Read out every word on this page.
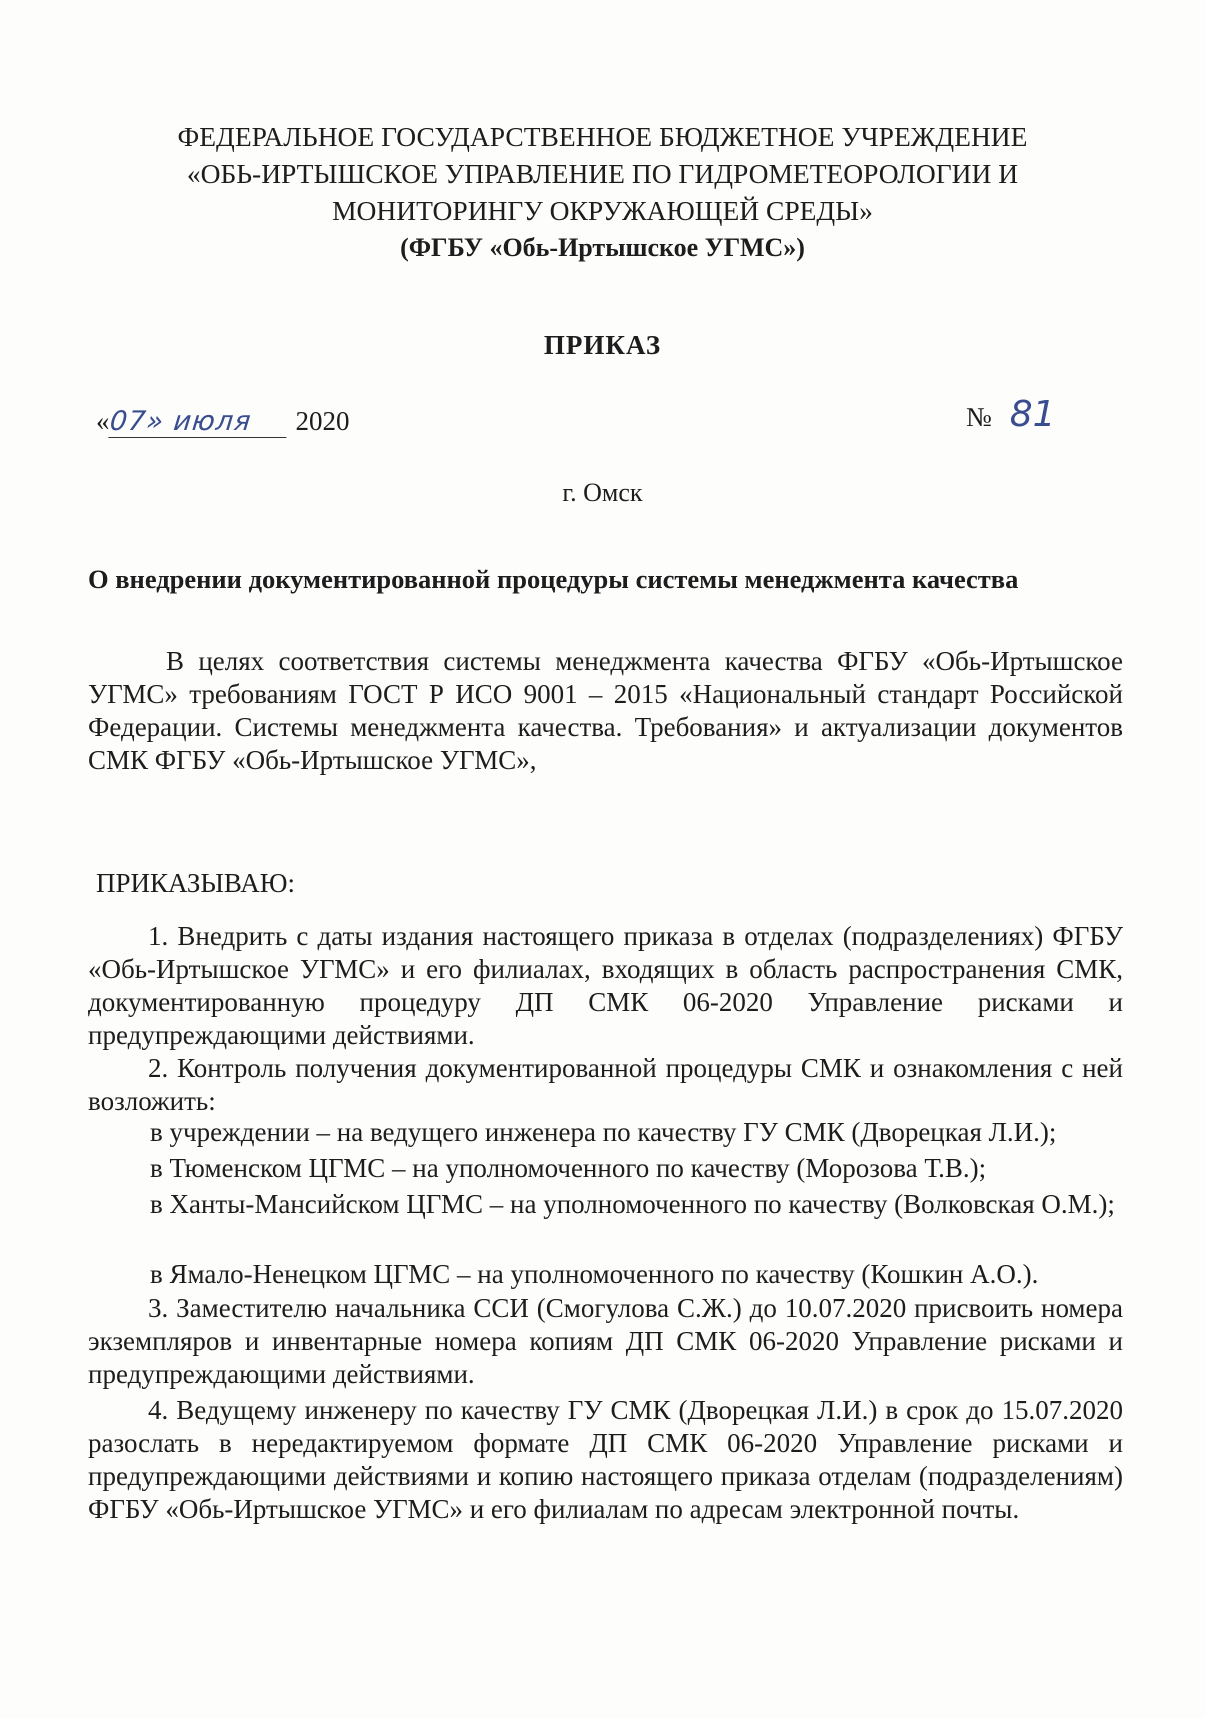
ФЕДЕРАЛЬНОЕ ГОСУДАРСТВЕННОЕ БЮДЖЕТНОЕ УЧРЕЖДЕНИЕ
«ОБЬ-ИРТЫШСКОЕ УПРАВЛЕНИЕ ПО ГИДРОМЕТЕОРОЛОГИИ И
МОНИТОРИНГУ ОКРУЖАЮЩЕЙ СРЕДЫ»
(ФГБУ «Обь-Иртышское УГМС»)
ПРИКАЗ
«07» июля 2020	№ 81
г. Омск
О внедрении документированной процедуры системы менеджмента качества
В целях соответствия системы менеджмента качества ФГБУ «Обь-Иртышское УГМС» требованиям ГОСТ Р ИСО 9001 – 2015 «Национальный стандарт Российской Федерации. Системы менеджмента качества. Требования» и актуализации документов СМК ФГБУ «Обь-Иртышское УГМС»,
ПРИКАЗЫВАЮ:
1. Внедрить с даты издания настоящего приказа в отделах (подразделениях) ФГБУ «Обь-Иртышское УГМС» и его филиалах, входящих в область распространения СМК, документированную процедуру ДП СМК 06-2020 Управление рисками и предупреждающими действиями.
2. Контроль получения документированной процедуры СМК и ознакомления с ней возложить:
в учреждении – на ведущего инженера по качеству ГУ СМК (Дворецкая Л.И.);
в Тюменском ЦГМС – на уполномоченного по качеству (Морозова Т.В.);
в Ханты-Мансийском ЦГМС – на уполномоченного по качеству (Волковская О.М.);
в Ямало-Ненецком ЦГМС – на уполномоченного по качеству (Кошкин А.О.).
3. Заместителю начальника ССИ (Смогулова С.Ж.) до 10.07.2020 присвоить номера экземпляров и инвентарные номера копиям ДП СМК 06-2020 Управление рисками и предупреждающими действиями.
4. Ведущему инженеру по качеству ГУ СМК (Дворецкая Л.И.) в срок до 15.07.2020 разослать в нередактируемом формате ДП СМК 06-2020 Управление рисками и предупреждающими действиями и копию настоящего приказа отделам (подразделениям) ФГБУ «Обь-Иртышское УГМС» и его филиалам по адресам электронной почты.
